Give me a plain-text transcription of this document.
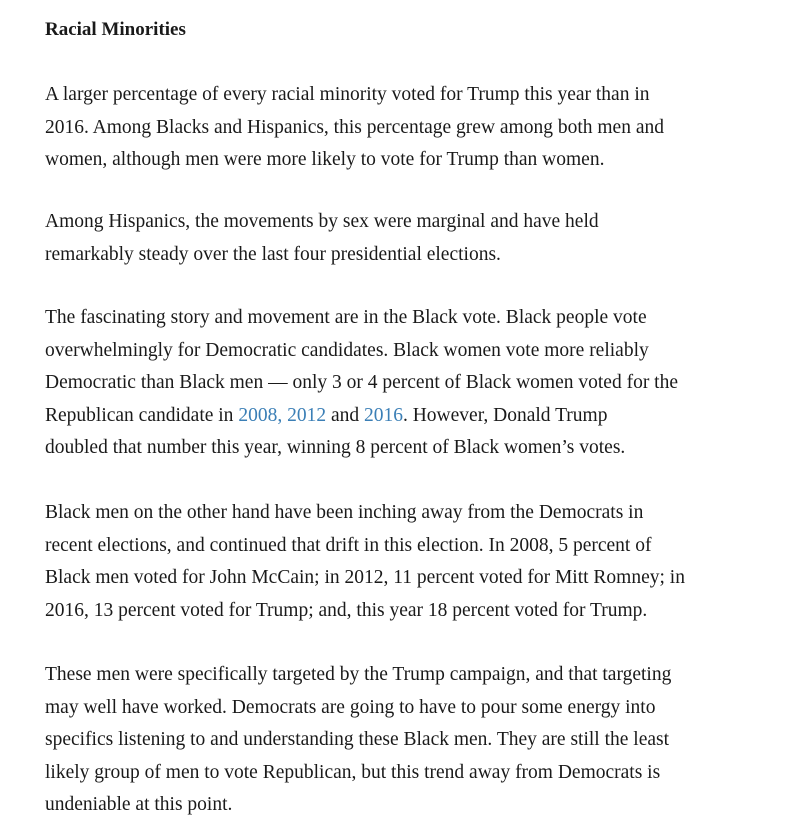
Racial Minorities
A larger percentage of every racial minority voted for Trump this year than in
2016. Among Blacks and Hispanics, this percentage grew among both men and
women, although men were more likely to vote for Trump than women.
Among Hispanics, the movements by sex were marginal and have held
remarkably steady over the last four presidential elections.
The fascinating story and movement are in the Black vote. Black people vote
overwhelmingly for Democratic candidates. Black women vote more reliably
Democratic than Black men — only 3 or 4 percent of Black women voted for the
Republican candidate in 2008, 2012 and 2016. However, Donald Trump
doubled that number this year, winning 8 percent of Black women’s votes.
Black men on the other hand have been inching away from the Democrats in
recent elections, and continued that drift in this election. In 2008, 5 percent of
Black men voted for John McCain; in 2012, 11 percent voted for Mitt Romney; in
2016, 13 percent voted for Trump; and, this year 18 percent voted for Trump.
These men were specifically targeted by the Trump campaign, and that targeting
may well have worked. Democrats are going to have to pour some energy into
specifics listening to and understanding these Black men. They are still the least
likely group of men to vote Republican, but this trend away from Democrats is
undeniable at this point.
